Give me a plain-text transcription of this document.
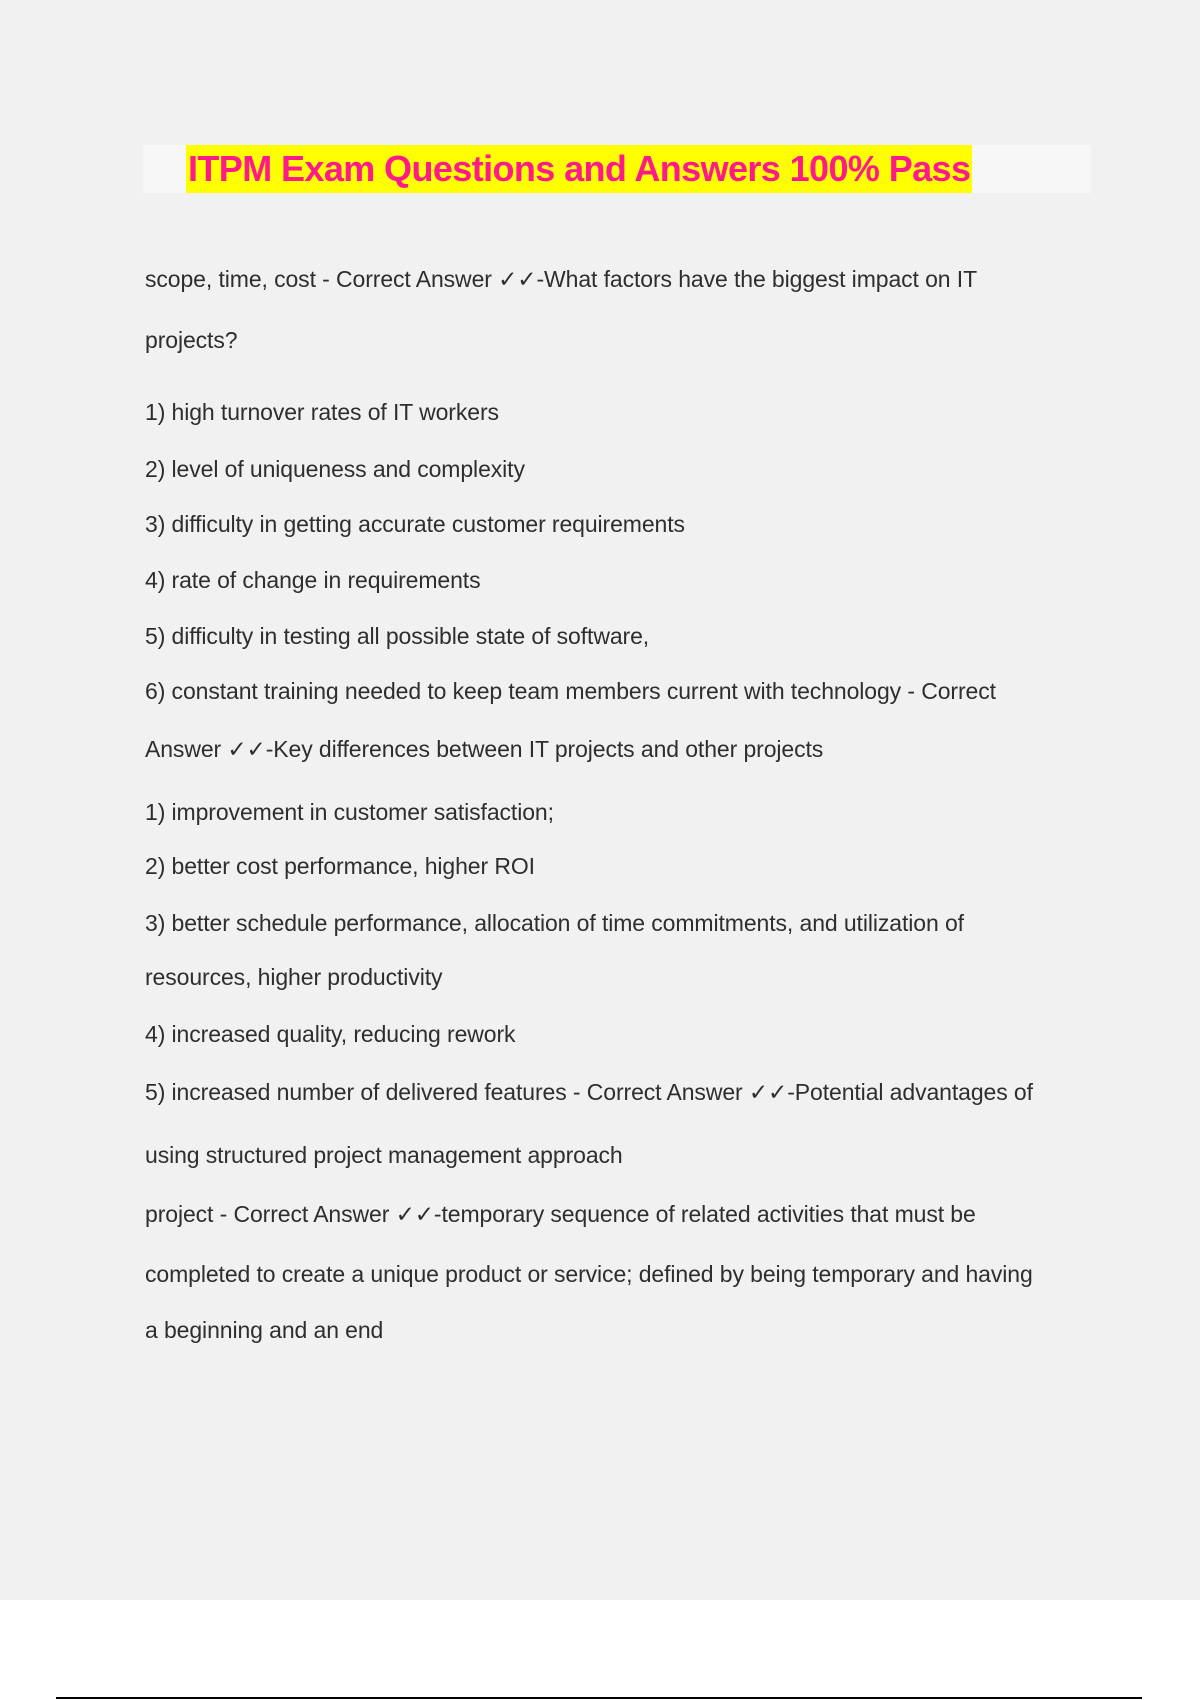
ITPM Exam Questions and Answers 100% Pass
scope, time, cost - Correct Answer ✓✓-What factors have the biggest impact on IT
projects?
1) high turnover rates of IT workers
2) level of uniqueness and complexity
3) difficulty in getting accurate customer requirements
4) rate of change in requirements
5) difficulty in testing all possible state of software,
6) constant training needed to keep team members current with technology - Correct
Answer ✓✓-Key differences between IT projects and other projects
1) improvement in customer satisfaction;
2) better cost performance, higher ROI
3) better schedule performance, allocation of time commitments, and utilization of
resources, higher productivity
4) increased quality, reducing rework
5) increased number of delivered features - Correct Answer ✓✓-Potential advantages of
using structured project management approach
project - Correct Answer ✓✓-temporary sequence of related activities that must be
completed to create a unique product or service; defined by being temporary and having
a beginning and an end
